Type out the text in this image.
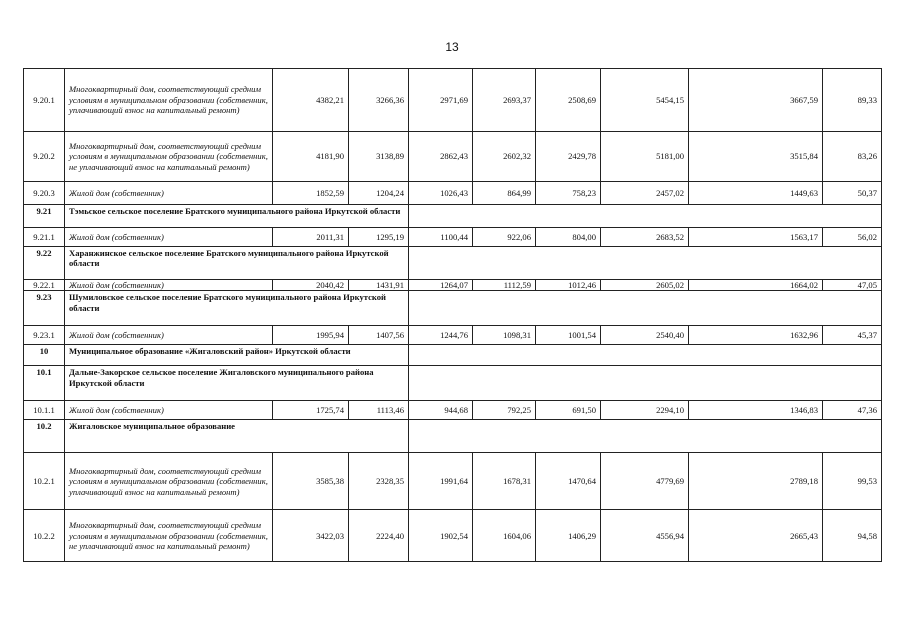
13
9.20.1	Многоквартирный дом, соответствующий средним условиям в муниципальном образовании (собственник, уплачивающий взнос на капитальный ремонт)	4382,21	3266,36	2971,69	2693,37	2508,69	5454,15	3667,59	89,33
9.20.2	Многоквартирный дом, соответствующий средним условиям в муниципальном образовании (собственник, не уплачивающий взнос на капитальный ремонт)	4181,90	3138,89	2862,43	2602,32	2429,78	5181,00	3515,84	83,26
9.20.3	Жилой дом (собственник)	1852,59	1204,24	1026,43	864,99	758,23	2457,02	1449,63	50,37
9.21	Тэмьское сельское поселение Братского муниципального района Иркутской области								
9.21.1	Жилой дом (собственник)	2011,31	1295,19	1100,44	922,06	804,00	2683,52	1563,17	56,02
9.22	Харанжинское сельское поселение Братского муниципального района Иркутской области								
9.22.1	Жилой дом (собственник)	2040,42	1431,91	1264,07	1112,59	1012,46	2605,02	1664,02	47,05
9.23	Шумиловское сельское поселение Братского муниципального района Иркутской области								
9.23.1	Жилой дом (собственник)	1995,94	1407,56	1244,76	1098,31	1001,54	2540,40	1632,96	45,37
10	Муниципальное образование «Жигаловский район» Иркутской области								
10.1	Дальне-Закорское сельское поселение Жигаловского муниципального района Иркутской области								
10.1.1	Жилой дом (собственник)	1725,74	1113,46	944,68	792,25	691,50	2294,10	1346,83	47,36
10.2	Жигаловское муниципальное образование								
10.2.1	Многоквартирный дом, соответствующий средним условиям в муниципальном образовании (собственник, уплачивающий взнос на капитальный ремонт)	3585,38	2328,35	1991,64	1678,31	1470,64	4779,69	2789,18	99,53
10.2.2	Многоквартирный дом, соответствующий средним условиям в муниципальном образовании (собственник, не уплачивающий взнос на капитальный ремонт)	3422,03	2224,40	1902,54	1604,06	1406,29	4556,94	2665,43	94,58
